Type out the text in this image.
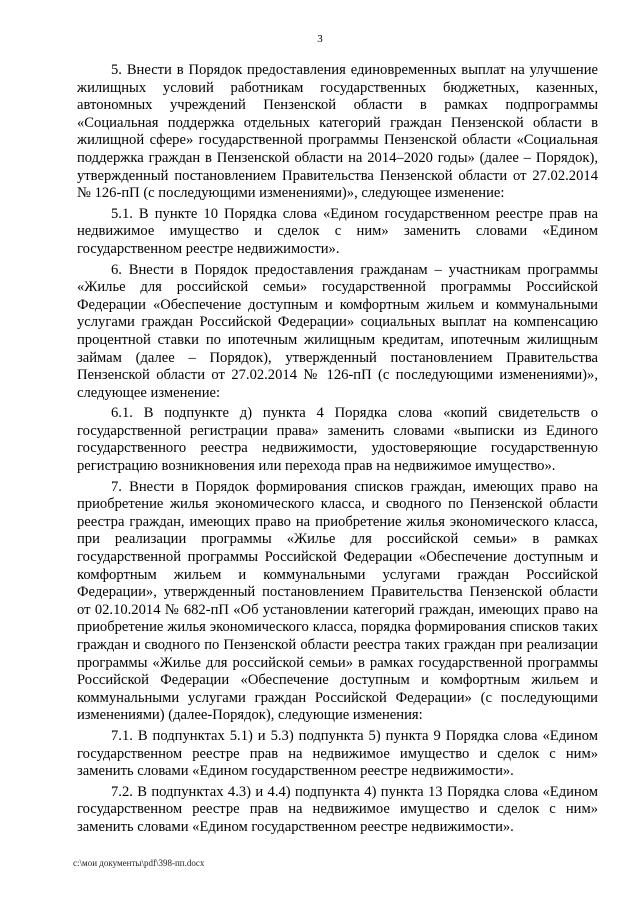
3

5. Внести в Порядок предоставления единовременных выплат на улучшение жилищных условий работникам государственных бюджетных, казенных, автономных учреждений Пензенской области в рамках подпрограммы «Социальная поддержка отдельных категорий граждан Пензенской области в жилищной сфере» государственной программы Пензенской области «Социальная поддержка граждан в Пензенской области на 2014–2020 годы» (далее – Порядок), утвержденный постановлением Правительства Пензенской области от 27.02.2014 № 126-пП (с последующими изменениями)», следующее изменение:

5.1. В пункте 10 Порядка слова «Едином государственном реестре прав на недвижимое имущество и сделок с ним» заменить словами «Едином государственном реестре недвижимости».

6. Внести в Порядок предоставления гражданам – участникам программы «Жилье для российской семьи» государственной программы Российской Федерации «Обеспечение доступным и комфортным жильем и коммунальными услугами граждан Российской Федерации» социальных выплат на компенсацию процентной ставки по ипотечным жилищным кредитам, ипотечным жилищным займам (далее – Порядок), утвержденный постановлением Правительства Пензенской области от 27.02.2014 № 126-пП (с последующими изменениями)», следующее изменение:

6.1. В подпункте д) пункта 4 Порядка слова «копий свидетельств о государственной регистрации права» заменить словами «выписки из Единого государственного реестра недвижимости, удостоверяющие государственную регистрацию возникновения или перехода прав на недвижимое имущество».

7. Внести в Порядок формирования списков граждан, имеющих право на приобретение жилья экономического класса, и сводного по Пензенской области реестра граждан, имеющих право на приобретение жилья экономического класса, при реализации программы «Жилье для российской семьи» в рамках государственной программы Российской Федерации «Обеспечение доступным и комфортным жильем и коммунальными услугами граждан Российской Федерации», утвержденный постановлением Правительства Пензенской области от 02.10.2014 № 682-пП «Об установлении категорий граждан, имеющих право на приобретение жилья экономического класса, порядка формирования списков таких граждан и сводного по Пензенской области реестра таких граждан при реализации программы «Жилье для российской семьи» в рамках государственной программы Российской Федерации «Обеспечение доступным и комфортным жильем и коммунальными услугами граждан Российской Федерации» (с последующими изменениями) (далее-Порядок), следующие изменения:

7.1. В подпунктах 5.1) и 5.3) подпункта 5) пункта 9 Порядка слова «Едином государственном реестре прав на недвижимое имущество и сделок с ним» заменить словами «Едином государственном реестре недвижимости».

7.2. В подпунктах 4.3) и 4.4) подпункта 4) пункта 13 Порядка слова «Едином государственном реестре прав на недвижимое имущество и сделок с ним» заменить словами «Едином государственном реестре недвижимости».

c:\мои документы\pdf\398-пп.docx
